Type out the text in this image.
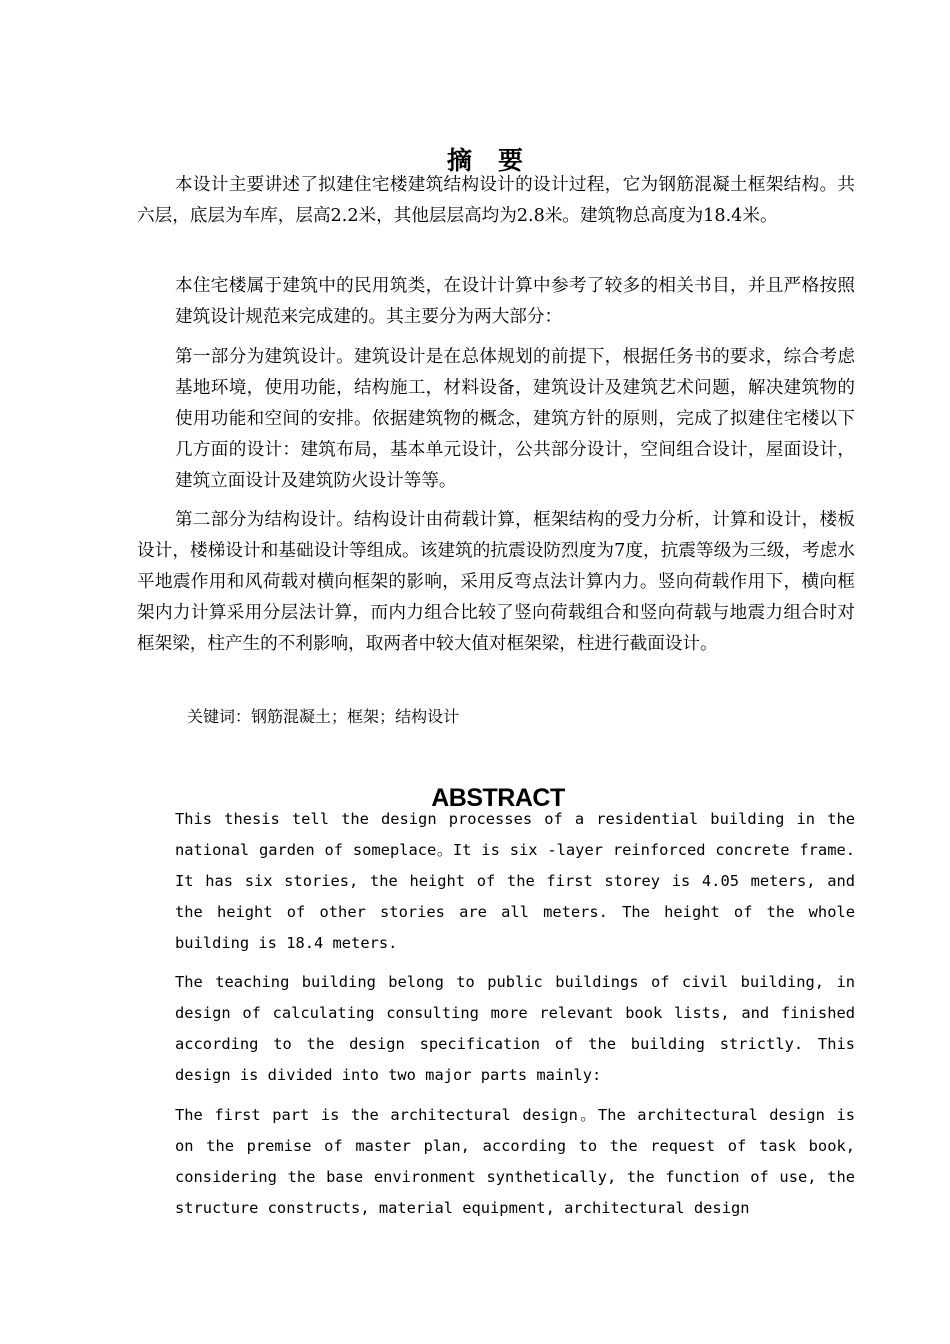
摘要

本设计主要讲述了拟建住宅楼建筑结构设计的设计过程，它为钢筋混凝土框架结构。共六层，底层为车库，层高2.2米，其他层层高均为2.8米。建筑物总高度为18.4米。

本住宅楼属于建筑中的民用筑类，在设计计算中参考了较多的相关书目，并且严格按照建筑设计规范来完成建的。其主要分为两大部分：

第一部分为建筑设计。建筑设计是在总体规划的前提下，根据任务书的要求，综合考虑基地环境，使用功能，结构施工，材料设备，建筑设计及建筑艺术问题，解决建筑物的使用功能和空间的安排。依据建筑物的概念，建筑方针的原则，完成了拟建住宅楼以下几方面的设计：建筑布局，基本单元设计，公共部分设计，空间组合设计，屋面设计，建筑立面设计及建筑防火设计等等。

第二部分为结构设计。结构设计由荷载计算，框架结构的受力分析，计算和设计，楼板设计，楼梯设计和基础设计等组成。该建筑的抗震设防烈度为7度，抗震等级为三级，考虑水平地震作用和风荷载对横向框架的影响，采用反弯点法计算内力。竖向荷载作用下，横向框架内力计算采用分层法计算，而内力组合比较了竖向荷载组合和竖向荷载与地震力组合时对框架梁，柱产生的不利影响，取两者中较大值对框架梁，柱进行截面设计。

关键词：钢筋混凝土；框架；结构设计

ABSTRACT

This thesis tell the design processes of a residential building in the national garden of someplace。It is six -layer reinforced concrete frame. It has six stories, the height of the first storey is 4.05 meters, and the height of other stories are all meters. The height of the whole building is 18.4 meters.

The teaching building belong to public buildings of civil building, in design of calculating consulting more relevant book lists, and finished according to the design specification of the building strictly. This design is divided into two major parts mainly:

The first part is the architectural design。The architectural design is on the premise of master plan, according to the request of task book, considering the base environment synthetically, the function of use, the structure constructs, material equipment, architectural design
